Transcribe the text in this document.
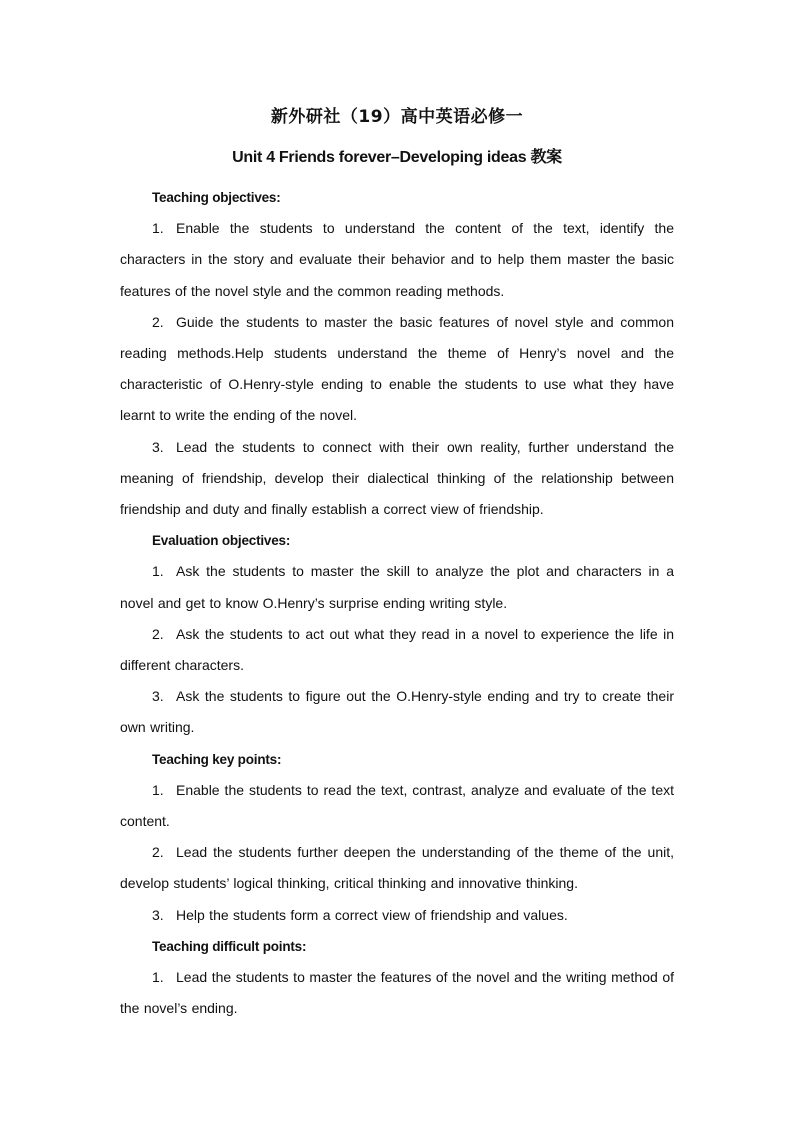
新外研社（19）高中英语必修一
Unit 4 Friends forever–Developing ideas 教案
Teaching objectives:
1. Enable the students to understand the content of the text, identify the characters in the story and evaluate their behavior and to help them master the basic features of the novel style and the common reading methods.
2. Guide the students to master the basic features of novel style and common reading methods.Help students understand the theme of Henry’s novel and the characteristic of O.Henry-style ending to enable the students to use what they have learnt to write the ending of the novel.
3. Lead the students to connect with their own reality, further understand the meaning of friendship, develop their dialectical thinking of the relationship between friendship and duty and finally establish a correct view of friendship.
Evaluation objectives:
1. Ask the students to master the skill to analyze the plot and characters in a novel and get to know O.Henry’s surprise ending writing style.
2. Ask the students to act out what they read in a novel to experience the life in different characters.
3. Ask the students to figure out the O.Henry-style ending and try to create their own writing.
Teaching key points:
1. Enable the students to read the text, contrast, analyze and evaluate of the text content.
2. Lead the students further deepen the understanding of the theme of the unit, develop students’ logical thinking, critical thinking and innovative thinking.
3. Help the students form a correct view of friendship and values.
Teaching difficult points:
1. Lead the students to master the features of the novel and the writing method of the novel’s ending.
